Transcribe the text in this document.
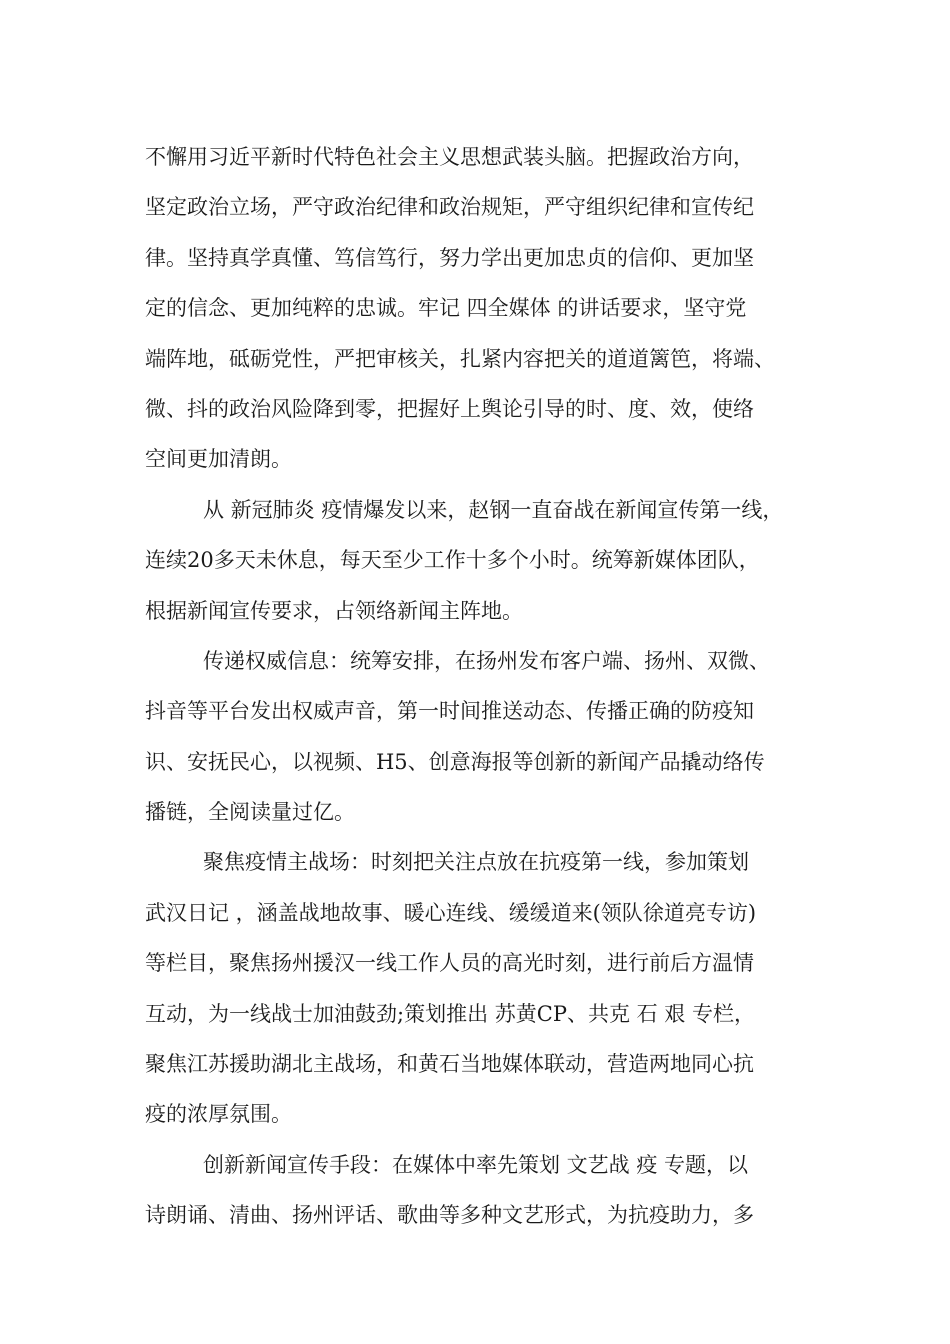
不懈用习近平新时代特色社会主义思想武装头脑。把握政治方向，
坚定政治立场，严守政治纪律和政治规矩，严守组织纪律和宣传纪
律。坚持真学真懂、笃信笃行，努力学出更加忠贞的信仰、更加坚
定的信念、更加纯粹的忠诚。牢记 四全媒体 的讲话要求，坚守党
端阵地，砥砺党性，严把审核关，扎紧内容把关的道道篱笆，将端、
微、抖的政治风险降到零，把握好上舆论引导的时、度、效，使络
空间更加清朗。
从 新冠肺炎 疫情爆发以来，赵钢一直奋战在新闻宣传第一线，
连续20多天未休息，每天至少工作十多个小时。统筹新媒体团队，
根据新闻宣传要求，占领络新闻主阵地。
传递权威信息：统筹安排，在扬州发布客户端、扬州、双微、
抖音等平台发出权威声音，第一时间推送动态、传播正确的防疫知
识、安抚民心，以视频、H5、创意海报等创新的新闻产品撬动络传
播链，全阅读量过亿。
聚焦疫情主战场：时刻把关注点放在抗疫第一线，参加策划
武汉日记 ，涵盖战地故事、暖心连线、缓缓道来(领队徐道亮专访)
等栏目，聚焦扬州援汉一线工作人员的高光时刻，进行前后方温情
互动，为一线战士加油鼓劲;策划推出 苏黄CP、共克 石 艰 专栏，
聚焦江苏援助湖北主战场，和黄石当地媒体联动，营造两地同心抗
疫的浓厚氛围。
创新新闻宣传手段：在媒体中率先策划 文艺战 疫 专题，以
诗朗诵、清曲、扬州评话、歌曲等多种文艺形式，为抗疫助力，多
